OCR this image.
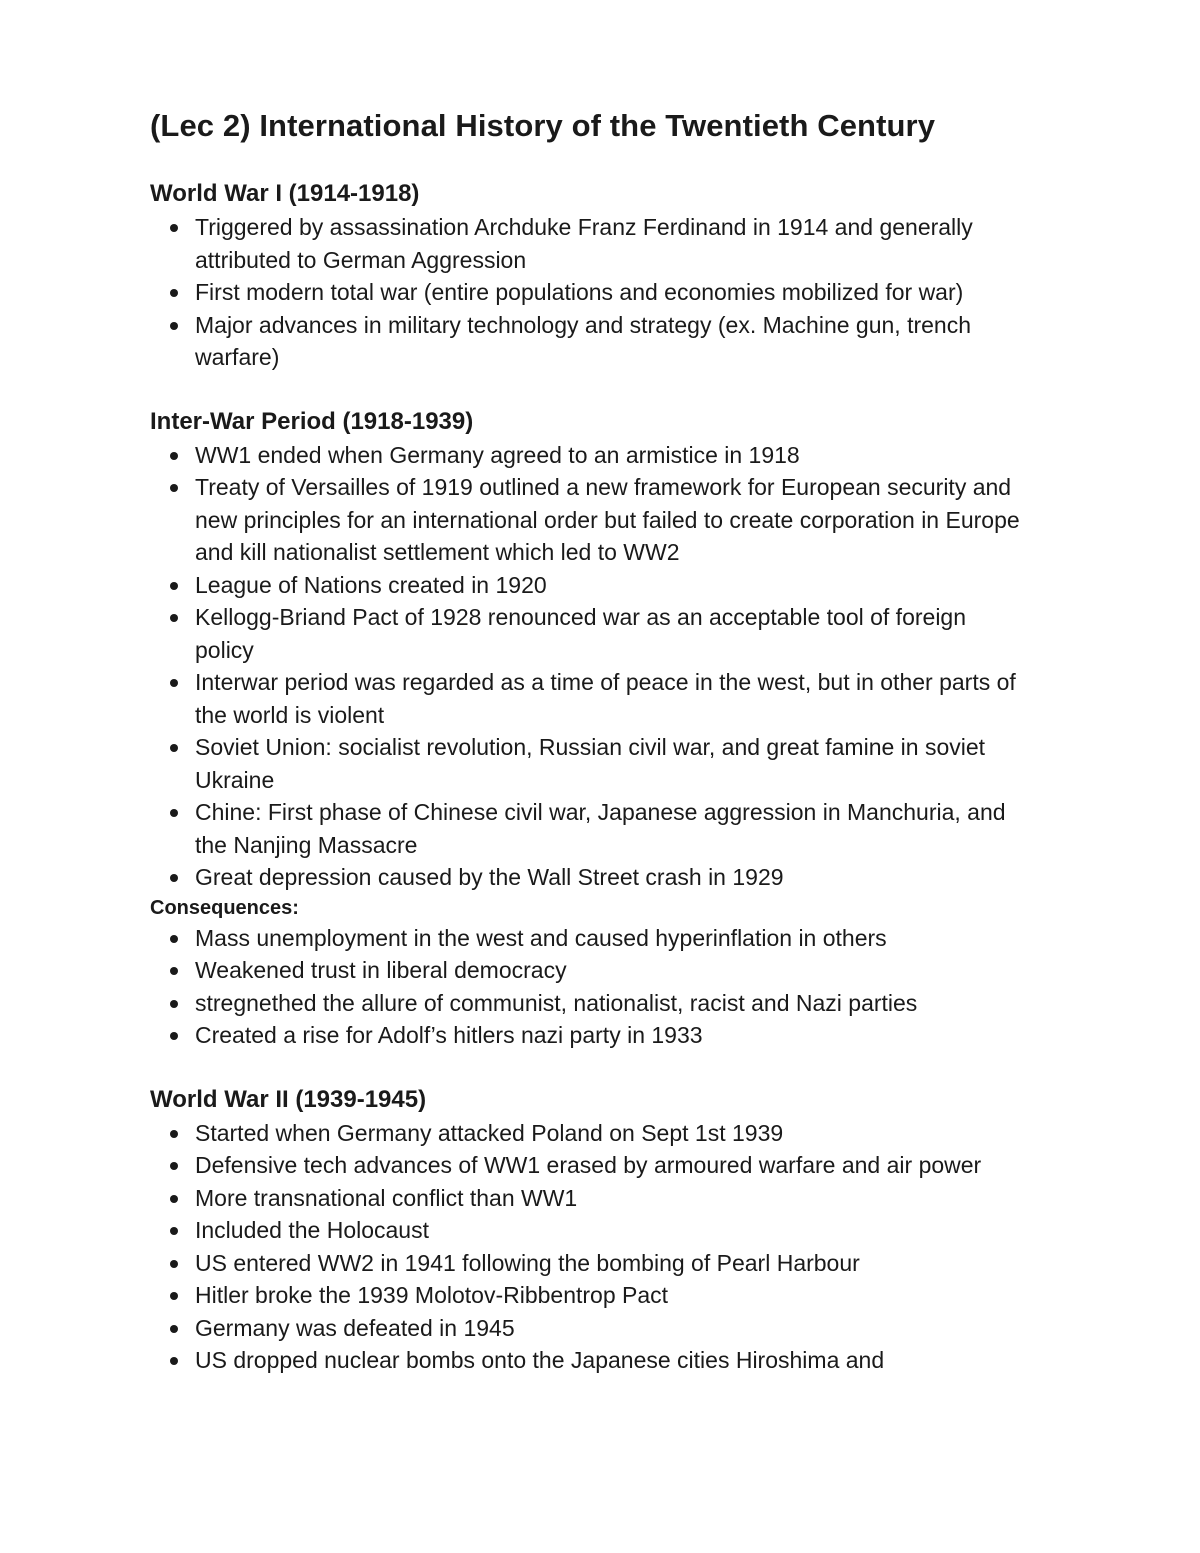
(Lec 2) International History of the Twentieth Century
World War I (1914-1918)
Triggered by assassination Archduke Franz Ferdinand in 1914 and generally attributed to German Aggression
First modern total war (entire populations and economies mobilized for war)
Major advances in military technology and strategy (ex. Machine gun, trench warfare)
Inter-War Period (1918-1939)
WW1 ended when Germany agreed to an armistice in 1918
Treaty of Versailles of 1919 outlined a new framework for European security and new principles for an international order but failed to create corporation in Europe and kill nationalist settlement which led to WW2
League of Nations created in 1920
Kellogg-Briand Pact of 1928 renounced war as an acceptable tool of foreign policy
Interwar period was regarded as a time of peace in the west, but in other parts of the world is violent
Soviet Union: socialist revolution, Russian civil war, and great famine in soviet Ukraine
Chine: First phase of Chinese civil war, Japanese aggression in Manchuria, and the Nanjing Massacre
Great depression caused by the Wall Street crash in 1929
Consequences:
Mass unemployment in the west and caused hyperinflation in others
Weakened trust in liberal democracy
stregnethed the allure of communist, nationalist, racist and Nazi parties
Created a rise for Adolf’s hitlers nazi party in 1933
World War II (1939-1945)
Started when Germany attacked Poland on Sept 1st 1939
Defensive tech advances of WW1 erased by armoured warfare and air power
More transnational conflict than WW1
Included the Holocaust
US entered WW2 in 1941 following the bombing of Pearl Harbour
Hitler broke the 1939 Molotov-Ribbentrop Pact
Germany was defeated in 1945
US dropped nuclear bombs onto the Japanese cities Hiroshima and
